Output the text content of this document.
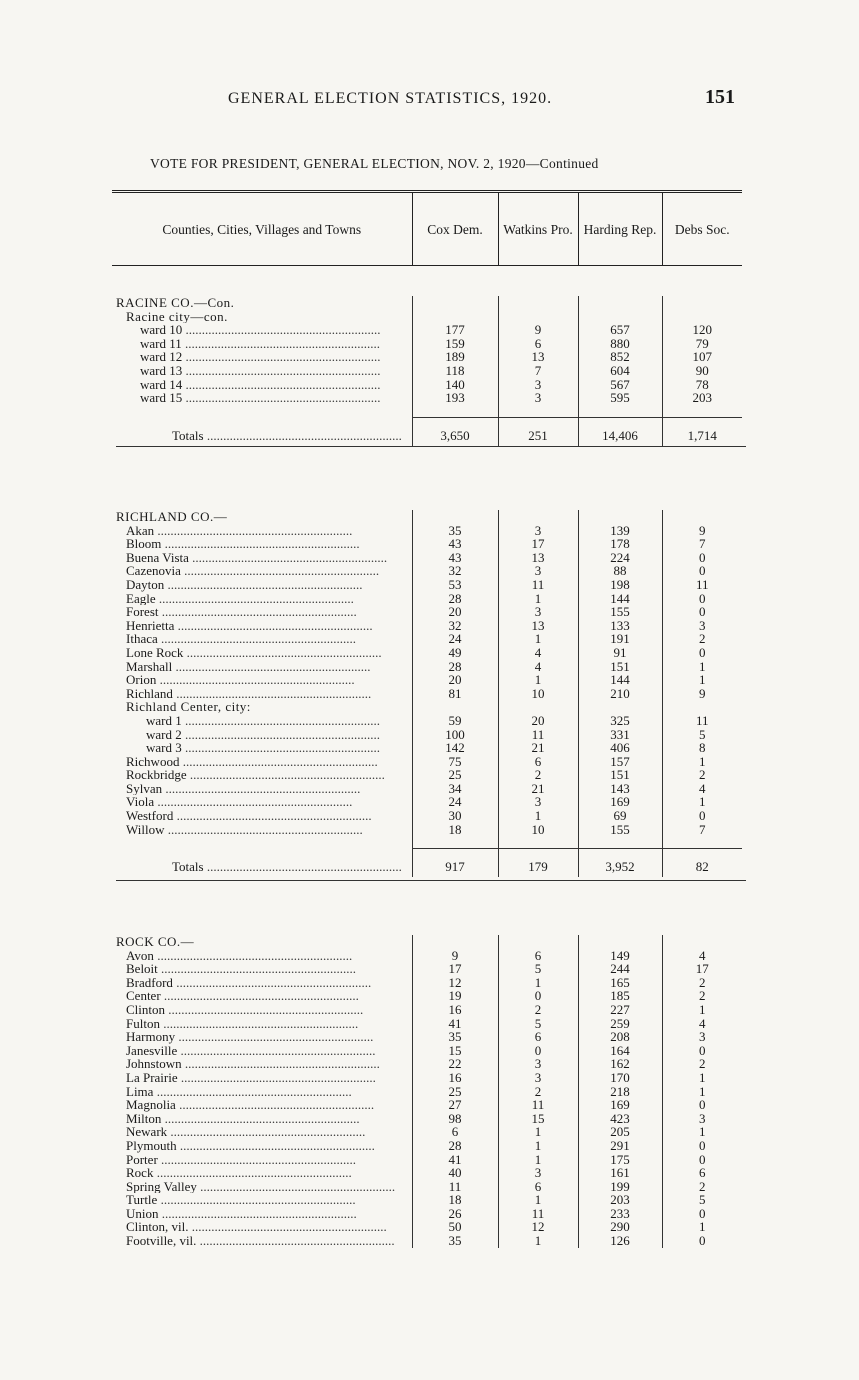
GENERAL ELECTION STATISTICS, 1920.	151
VOTE FOR PRESIDENT, GENERAL ELECTION, NOV. 2, 1920—Continued
Counties, Cities, Villages and Towns	Cox Dem.	Watkins Pro.	Harding Rep.	Debs Soc.
RACINE CO.—Con.				
Racine city—con.				
ward 10 ............................................................	177	9	657	120
ward 11 ............................................................	159	6	880	79
ward 12 ............................................................	189	13	852	107
ward 13 ............................................................	118	7	604	90
ward 14 ............................................................	140	3	567	78
ward 15 ............................................................	193	3	595	203

Totals ............................................................	3,650	251	14,406	1,714
RICHLAND CO.—				
Akan ............................................................	35	3	139	9
Bloom ............................................................	43	17	178	7
Buena Vista ............................................................	43	13	224	0
Cazenovia ............................................................	32	3	88	0
Dayton ............................................................	53	11	198	11
Eagle ............................................................	28	1	144	0
Forest ............................................................	20	3	155	0
Henrietta ............................................................	32	13	133	3
Ithaca ............................................................	24	1	191	2
Lone Rock ............................................................	49	4	91	0
Marshall ............................................................	28	4	151	1
Orion ............................................................	20	1	144	1
Richland ............................................................	81	10	210	9
Richland Center, city:				
ward 1 ............................................................	59	20	325	11
ward 2 ............................................................	100	11	331	5
ward 3 ............................................................	142	21	406	8
Richwood ............................................................	75	6	157	1
Rockbridge ............................................................	25	2	151	2
Sylvan ............................................................	34	21	143	4
Viola ............................................................	24	3	169	1
Westford ............................................................	30	1	69	0
Willow ............................................................	18	10	155	7

Totals ............................................................	917	179	3,952	82
ROCK CO.—				
Avon ............................................................	9	6	149	4
Beloit ............................................................	17	5	244	17
Bradford ............................................................	12	1	165	2
Center ............................................................	19	0	185	2
Clinton ............................................................	16	2	227	1
Fulton ............................................................	41	5	259	4
Harmony ............................................................	35	6	208	3
Janesville ............................................................	15	0	164	0
Johnstown ............................................................	22	3	162	2
La Prairie ............................................................	16	3	170	1
Lima ............................................................	25	2	218	1
Magnolia ............................................................	27	11	169	0
Milton ............................................................	98	15	423	3
Newark ............................................................	6	1	205	1
Plymouth ............................................................	28	1	291	0
Porter ............................................................	41	1	175	0
Rock ............................................................	40	3	161	6
Spring Valley ............................................................	11	6	199	2
Turtle ............................................................	18	1	203	5
Union ............................................................	26	11	233	0
Clinton, vil. ............................................................	50	12	290	1
Footville, vil. ............................................................	35	1	126	0
